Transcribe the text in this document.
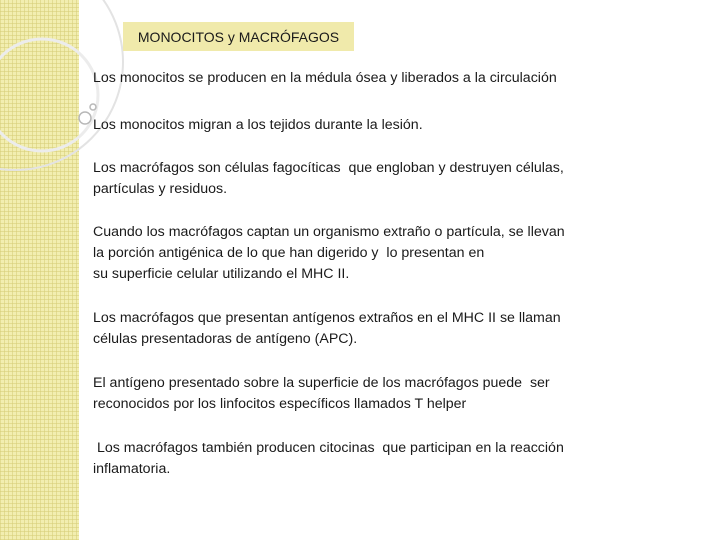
MONOCITOS y MACRÓFAGOS
Los monocitos se producen en la médula ósea y liberados a la circulación
Los monocitos migran a los tejidos durante la lesión.
Los macrófagos son células fagocíticas  que engloban y destruyen células,
partículas y residuos.
Cuando los macrófagos captan un organismo extraño o partícula, se llevan
la porción antigénica de lo que han digerido y  lo presentan en
su superficie celular utilizando el MHC II.
Los macrófagos que presentan antígenos extraños en el MHC II se llaman
células presentadoras de antígeno (APC).
El antígeno presentado sobre la superficie de los macrófagos puede  ser
reconocidos por los linfocitos específicos llamados T helper
Los macrófagos también producen citocinas  que participan en la reacción
inflamatoria.
